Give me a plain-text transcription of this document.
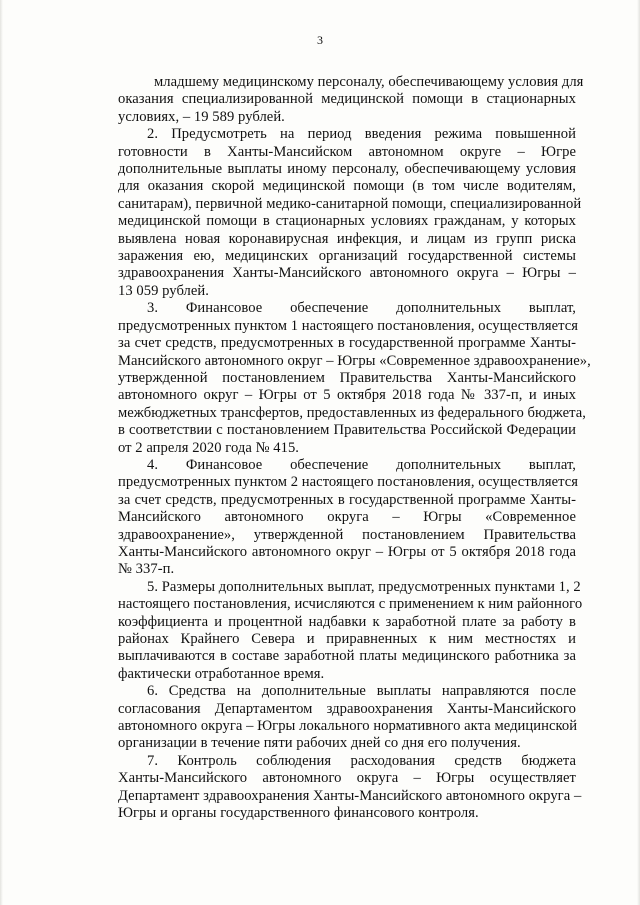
3
младшему медицинскому персоналу, обеспечивающему условия для
оказания специализированной медицинской помощи в стационарных
условиях, – 19 589 рублей.
2. Предусмотреть на период введения режима повышенной
готовности в Ханты-Мансийском автономном округе – Югре
дополнительные выплаты иному персоналу, обеспечивающему условия
для оказания скорой медицинской помощи (в том числе водителям,
санитарам), первичной медико-санитарной помощи, специализированной
медицинской помощи в стационарных условиях гражданам, у которых
выявлена новая коронавирусная инфекция, и лицам из групп риска
заражения ею, медицинских организаций государственной системы
здравоохранения Ханты-Мансийского автономного округа – Югры –
13 059 рублей.
3. Финансовое обеспечение дополнительных выплат,
предусмотренных пунктом 1 настоящего постановления, осуществляется
за счет средств, предусмотренных в государственной программе Ханты-
Мансийского автономного округ – Югры «Современное здравоохранение»,
утвержденной постановлением Правительства Ханты-Мансийского
автономного округ – Югры от 5 октября 2018 года № 337-п, и иных
межбюджетных трансфертов, предоставленных из федерального бюджета,
в соответствии с постановлением Правительства Российской Федерации
от 2 апреля 2020 года № 415.
4. Финансовое обеспечение дополнительных выплат,
предусмотренных пунктом 2 настоящего постановления, осуществляется
за счет средств, предусмотренных в государственной программе Ханты-
Мансийского автономного округа – Югры «Современное
здравоохранение», утвержденной постановлением Правительства
Ханты-Мансийского автономного округ – Югры от 5 октября 2018 года
№ 337-п.
5. Размеры дополнительных выплат, предусмотренных пунктами 1, 2
настоящего постановления, исчисляются с применением к ним районного
коэффициента и процентной надбавки к заработной плате за работу в
районах Крайнего Севера и приравненных к ним местностях и
выплачиваются в составе заработной платы медицинского работника за
фактически отработанное время.
6. Средства на дополнительные выплаты направляются после
согласования Департаментом здравоохранения Ханты-Мансийского
автономного округа – Югры локального нормативного акта медицинской
организации в течение пяти рабочих дней со дня его получения.
7. Контроль соблюдения расходования средств бюджета
Ханты-Мансийского автономного округа – Югры осуществляет
Департамент здравоохранения Ханты-Мансийского автономного округа –
Югры и органы государственного финансового контроля.
